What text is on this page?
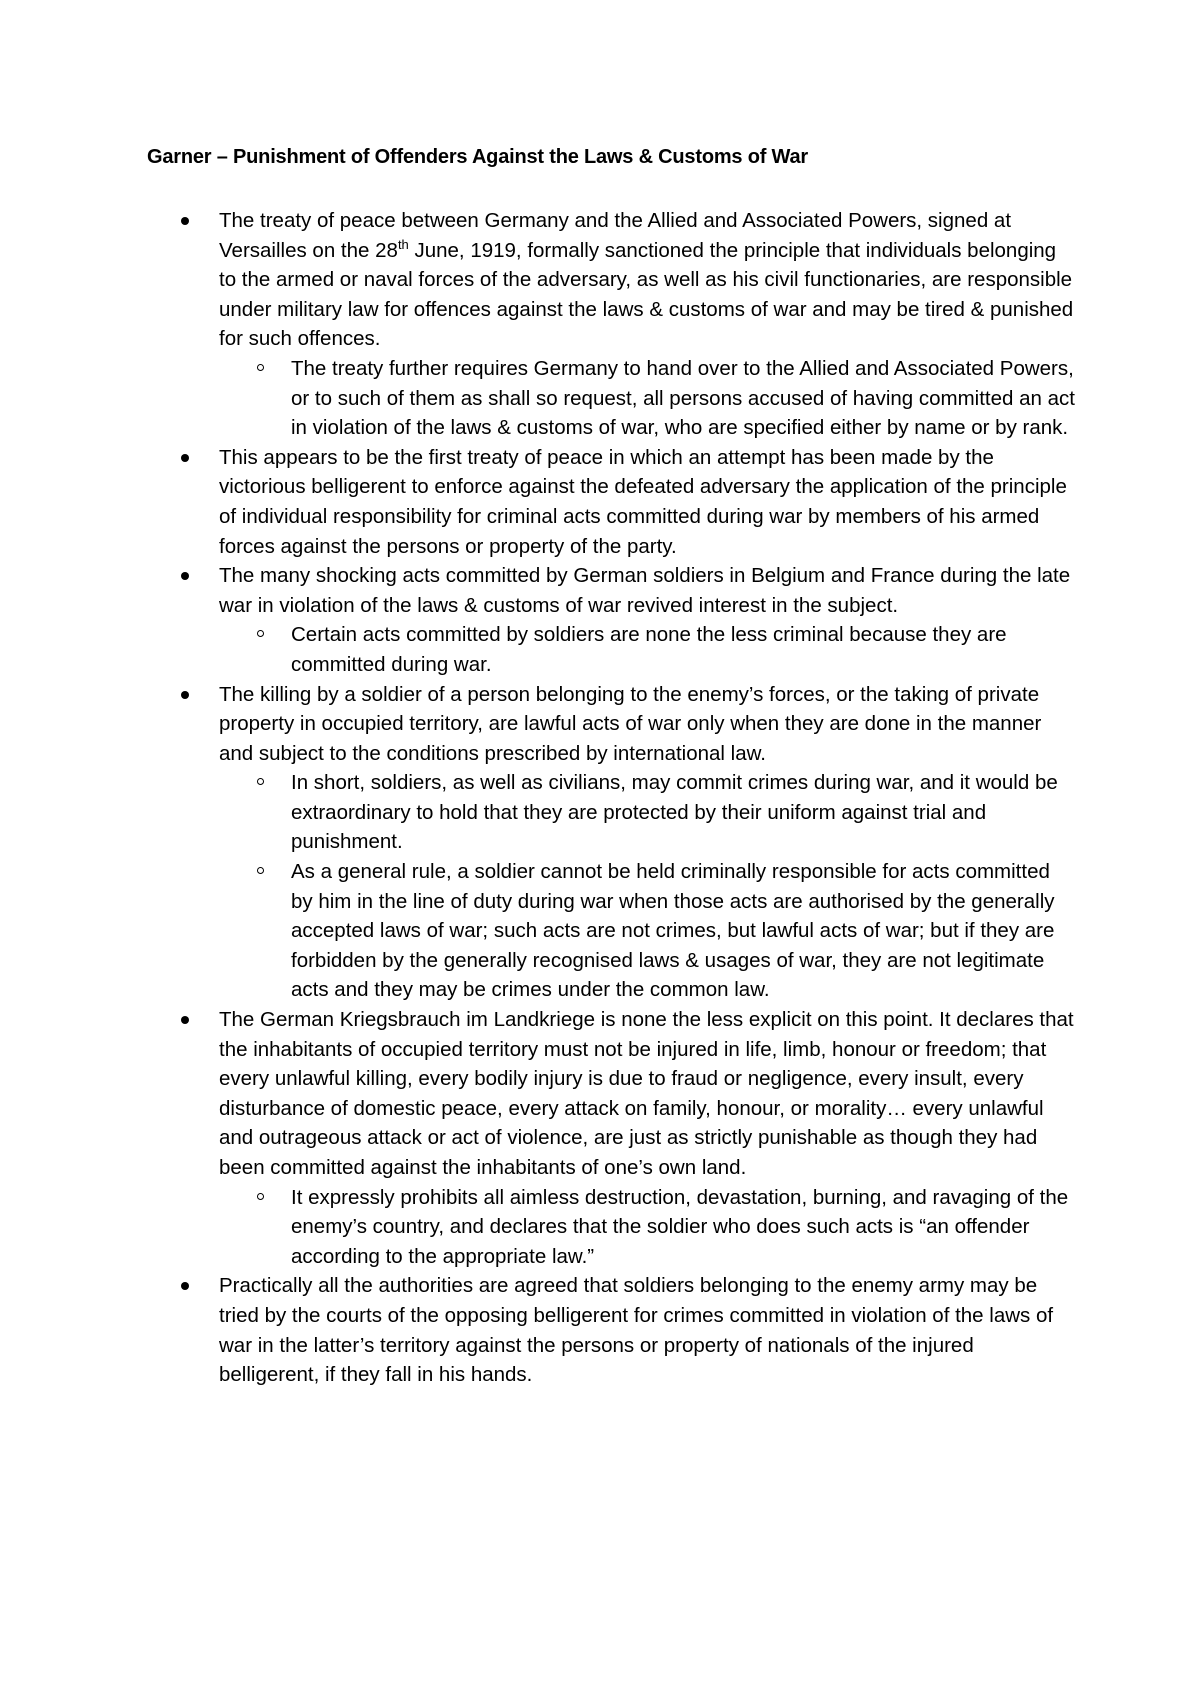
Garner – Punishment of Offenders Against the Laws & Customs of War
The treaty of peace between Germany and the Allied and Associated Powers, signed at Versailles on the 28th June, 1919, formally sanctioned the principle that individuals belonging to the armed or naval forces of the adversary, as well as his civil functionaries, are responsible under military law for offences against the laws & customs of war and may be tired & punished for such offences.
The treaty further requires Germany to hand over to the Allied and Associated Powers, or to such of them as shall so request, all persons accused of having committed an act in violation of the laws & customs of war, who are specified either by name or by rank.
This appears to be the first treaty of peace in which an attempt has been made by the victorious belligerent to enforce against the defeated adversary the application of the principle of individual responsibility for criminal acts committed during war by members of his armed forces against the persons or property of the party.
The many shocking acts committed by German soldiers in Belgium and France during the late war in violation of the laws & customs of war revived interest in the subject.
Certain acts committed by soldiers are none the less criminal because they are committed during war.
The killing by a soldier of a person belonging to the enemy’s forces, or the taking of private property in occupied territory, are lawful acts of war only when they are done in the manner and subject to the conditions prescribed by international law.
In short, soldiers, as well as civilians, may commit crimes during war, and it would be extraordinary to hold that they are protected by their uniform against trial and punishment.
As a general rule, a soldier cannot be held criminally responsible for acts committed by him in the line of duty during war when those acts are authorised by the generally accepted laws of war; such acts are not crimes, but lawful acts of war; but if they are forbidden by the generally recognised laws & usages of war, they are not legitimate acts and they may be crimes under the common law.
The German Kriegsbrauch im Landkriege is none the less explicit on this point. It declares that the inhabitants of occupied territory must not be injured in life, limb, honour or freedom; that every unlawful killing, every bodily injury is due to fraud or negligence, every insult, every disturbance of domestic peace, every attack on family, honour, or morality… every unlawful and outrageous attack or act of violence, are just as strictly punishable as though they had been committed against the inhabitants of one’s own land.
It expressly prohibits all aimless destruction, devastation, burning, and ravaging of the enemy’s country, and declares that the soldier who does such acts is “an offender according to the appropriate law.”
Practically all the authorities are agreed that soldiers belonging to the enemy army may be tried by the courts of the opposing belligerent for crimes committed in violation of the laws of war in the latter’s territory against the persons or property of nationals of the injured belligerent, if they fall in his hands.
